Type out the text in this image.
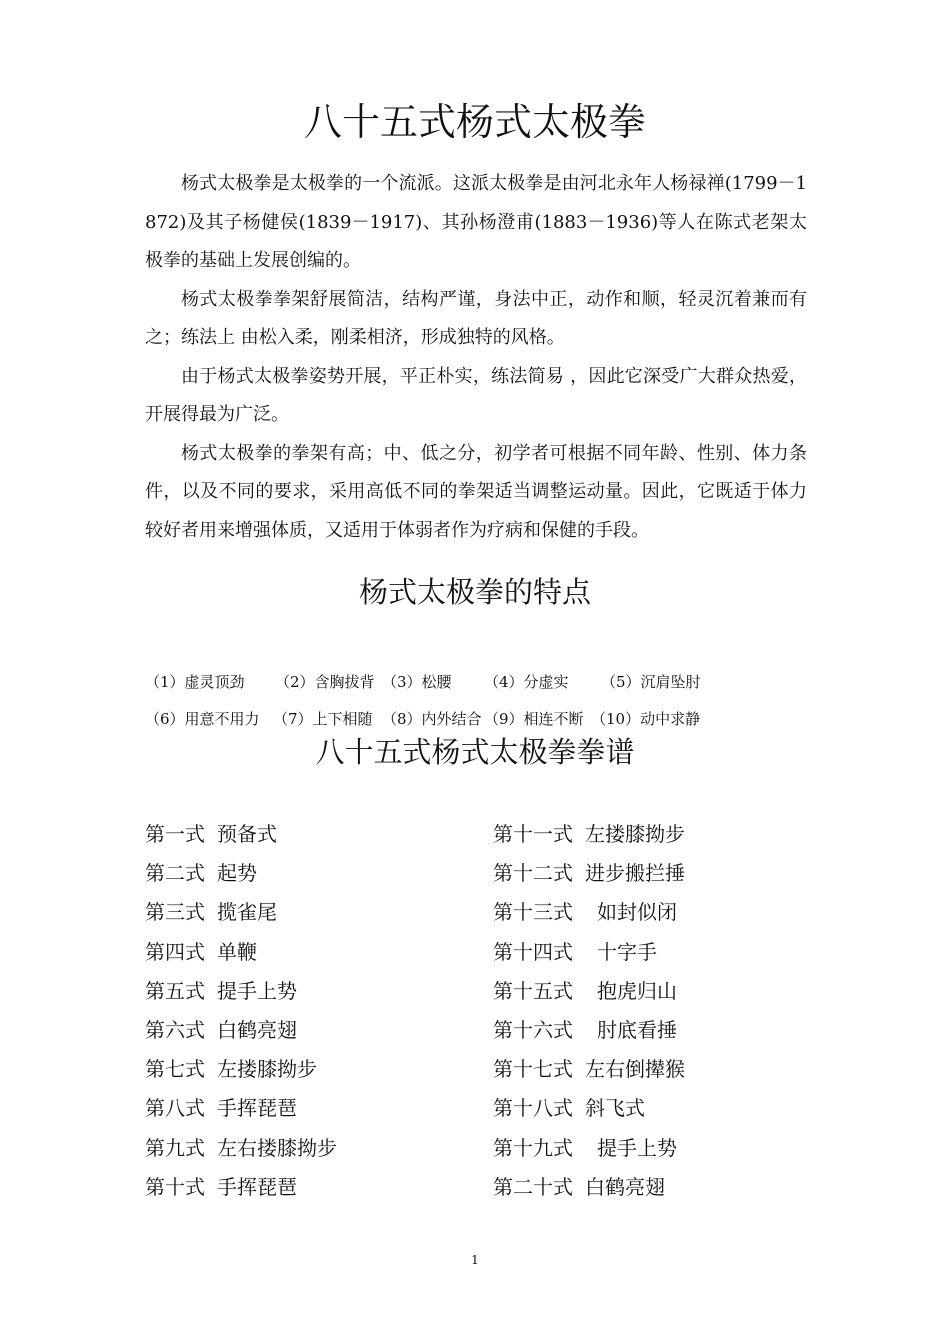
八十五式杨式太极拳

杨式太极拳是太极拳的一个流派。这派太极拳是由河北永年人杨禄禅(1799－1872)及其子杨健侯(1839－1917)、其孙杨澄甫(1883－1936)等人在陈式老架太极拳的基础上发展创编的。

杨式太极拳拳架舒展简洁，结构严谨，身法中正，动作和顺，轻灵沉着兼而有之；练法上 由松入柔，刚柔相济，形成独特的风格。

由于杨式太极拳姿势开展，平正朴实，练法简易 ，因此它深受广大群众热爱，开展得最为广泛。

杨式太极拳的拳架有高；中、低之分，初学者可根据不同年龄、性别、体力条件，以及不同的要求，采用高低不同的拳架适当调整运动量。因此，它既适于体力较好者用来增强体质，又适用于体弱者作为疗病和保健的手段。

杨式太极拳的特点
（1）虚灵顶劲 （2）含胸拔背 （3）松腰 （4）分虚实 （5）沉肩坠肘
（6）用意不用力 （7）上下相随 （8）内外结合 （9）相连不断 （10）动中求静
八十五式杨式太极拳拳谱
第一式 预备式
第二式 起势
第三式 揽雀尾
第四式 单鞭
第五式 提手上势
第六式 白鹤亮翅
第七式 左搂膝拗步
第八式 手挥琵琶
第九式 左右搂膝拗步
第十式 手挥琵琶
第十一式 左搂膝拗步
第十二式 进步搬拦捶
第十三式 如封似闭
第十四式 十字手
第十五式 抱虎归山
第十六式 肘底看捶
第十七式 左右倒撵猴
第十八式 斜飞式
第十九式 提手上势
第二十式 白鹤亮翅
1
